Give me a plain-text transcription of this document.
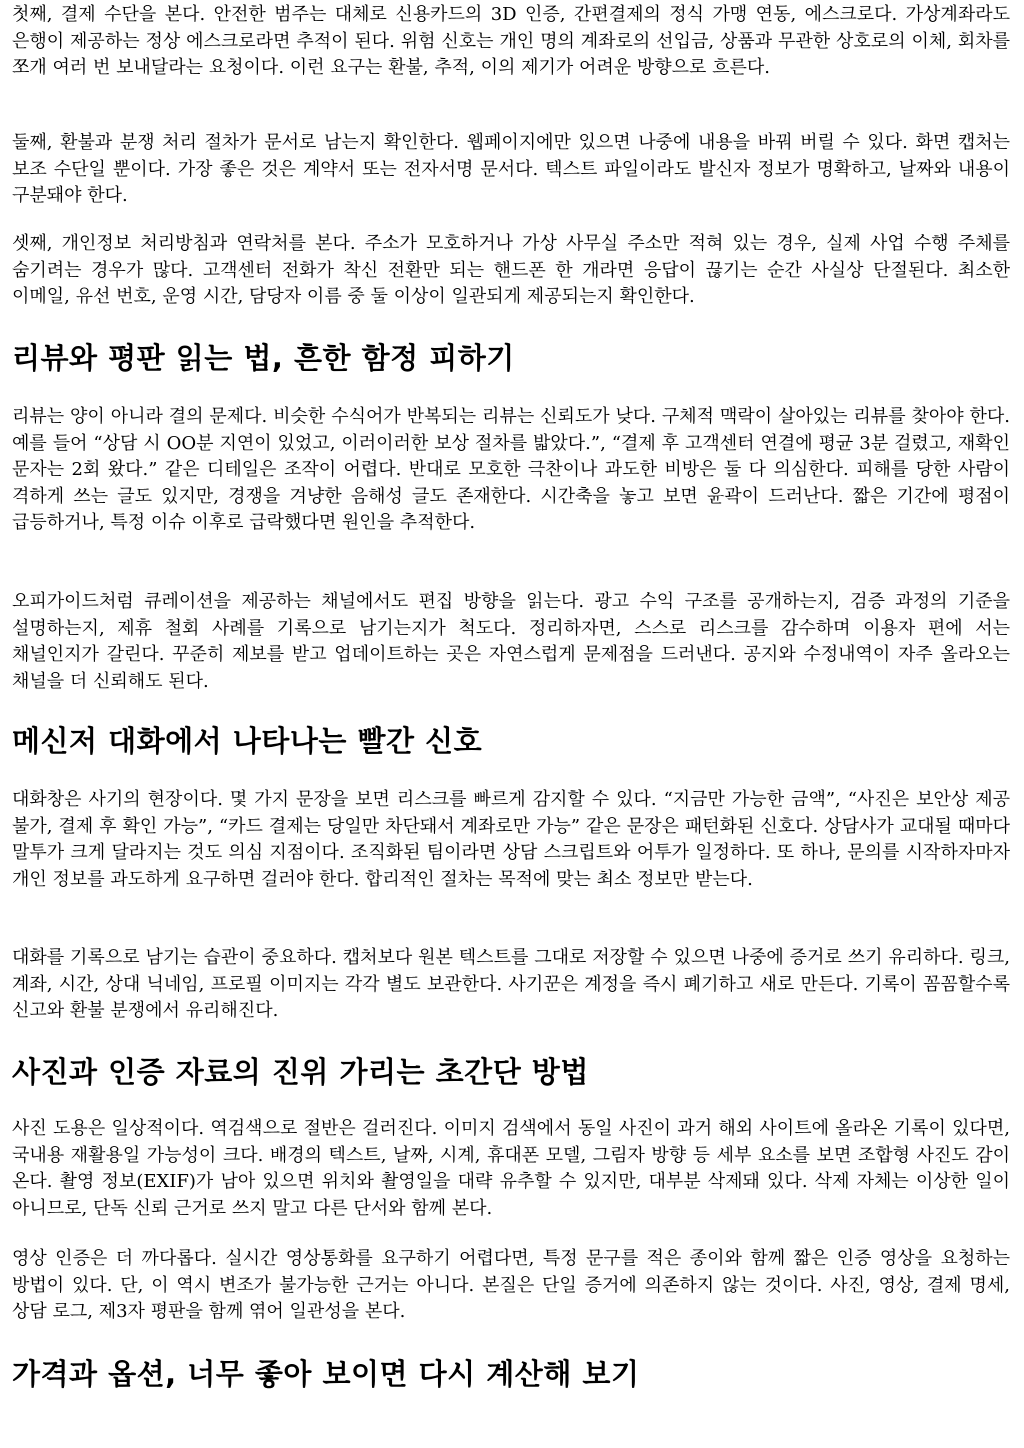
첫째, 결제 수단을 본다. 안전한 범주는 대체로 신용카드의 3D 인증, 간편결제의 정식 가맹 연동, 에스크로다. 가상계좌라도 은행이 제공하는 정상 에스크로라면 추적이 된다. 위험 신호는 개인 명의 계좌로의 선입금, 상품과 무관한 상호로의 이체, 회차를 쪼개 여러 번 보내달라는 요청이다. 이런 요구는 환불, 추적, 이의 제기가 어려운 방향으로 흐른다.

둘째, 환불과 분쟁 처리 절차가 문서로 남는지 확인한다. 웹페이지에만 있으면 나중에 내용을 바꿔 버릴 수 있다. 화면 캡처는 보조 수단일 뿐이다. 가장 좋은 것은 계약서 또는 전자서명 문서다. 텍스트 파일이라도 발신자 정보가 명확하고, 날짜와 내용이 구분돼야 한다.

셋째, 개인정보 처리방침과 연락처를 본다. 주소가 모호하거나 가상 사무실 주소만 적혀 있는 경우, 실제 사업 수행 주체를 숨기려는 경우가 많다. 고객센터 전화가 착신 전환만 되는 핸드폰 한 개라면 응답이 끊기는 순간 사실상 단절된다. 최소한 이메일, 유선 번호, 운영 시간, 담당자 이름 중 둘 이상이 일관되게 제공되는지 확인한다.

리뷰와 평판 읽는 법, 흔한 함정 피하기

리뷰는 양이 아니라 결의 문제다. 비슷한 수식어가 반복되는 리뷰는 신뢰도가 낮다. 구체적 맥락이 살아있는 리뷰를 찾아야 한다. 예를 들어 “상담 시 OO분 지연이 있었고, 이러이러한 보상 절차를 밟았다.”, “결제 후 고객센터 연결에 평균 3분 걸렸고, 재확인 문자는 2회 왔다.” 같은 디테일은 조작이 어렵다. 반대로 모호한 극찬이나 과도한 비방은 둘 다 의심한다. 피해를 당한 사람이 격하게 쓰는 글도 있지만, 경쟁을 겨냥한 음해성 글도 존재한다. 시간축을 놓고 보면 윤곽이 드러난다. 짧은 기간에 평점이 급등하거나, 특정 이슈 이후로 급락했다면 원인을 추적한다.

오피가이드처럼 큐레이션을 제공하는 채널에서도 편집 방향을 읽는다. 광고 수익 구조를 공개하는지, 검증 과정의 기준을 설명하는지, 제휴 철회 사례를 기록으로 남기는지가 척도다. 정리하자면, 스스로 리스크를 감수하며 이용자 편에 서는 채널인지가 갈린다. 꾸준히 제보를 받고 업데이트하는 곳은 자연스럽게 문제점을 드러낸다. 공지와 수정내역이 자주 올라오는 채널을 더 신뢰해도 된다.

메신저 대화에서 나타나는 빨간 신호

대화창은 사기의 현장이다. 몇 가지 문장을 보면 리스크를 빠르게 감지할 수 있다. “지금만 가능한 금액”, “사진은 보안상 제공 불가, 결제 후 확인 가능”, “카드 결제는 당일만 차단돼서 계좌로만 가능” 같은 문장은 패턴화된 신호다. 상담사가 교대될 때마다 말투가 크게 달라지는 것도 의심 지점이다. 조직화된 팀이라면 상담 스크립트와 어투가 일정하다. 또 하나, 문의를 시작하자마자 개인 정보를 과도하게 요구하면 걸러야 한다. 합리적인 절차는 목적에 맞는 최소 정보만 받는다.

대화를 기록으로 남기는 습관이 중요하다. 캡처보다 원본 텍스트를 그대로 저장할 수 있으면 나중에 증거로 쓰기 유리하다. 링크, 계좌, 시간, 상대 닉네임, 프로필 이미지는 각각 별도 보관한다. 사기꾼은 계정을 즉시 폐기하고 새로 만든다. 기록이 꼼꼼할수록 신고와 환불 분쟁에서 유리해진다.

사진과 인증 자료의 진위 가리는 초간단 방법

사진 도용은 일상적이다. 역검색으로 절반은 걸러진다. 이미지 검색에서 동일 사진이 과거 해외 사이트에 올라온 기록이 있다면, 국내용 재활용일 가능성이 크다. 배경의 텍스트, 날짜, 시계, 휴대폰 모델, 그림자 방향 등 세부 요소를 보면 조합형 사진도 감이 온다. 촬영 정보(EXIF)가 남아 있으면 위치와 촬영일을 대략 유추할 수 있지만, 대부분 삭제돼 있다. 삭제 자체는 이상한 일이 아니므로, 단독 신뢰 근거로 쓰지 말고 다른 단서와 함께 본다.

영상 인증은 더 까다롭다. 실시간 영상통화를 요구하기 어렵다면, 특정 문구를 적은 종이와 함께 짧은 인증 영상을 요청하는 방법이 있다. 단, 이 역시 변조가 불가능한 근거는 아니다. 본질은 단일 증거에 의존하지 않는 것이다. 사진, 영상, 결제 명세, 상담 로그, 제3자 평판을 함께 엮어 일관성을 본다.

가격과 옵션, 너무 좋아 보이면 다시 계산해 보기
